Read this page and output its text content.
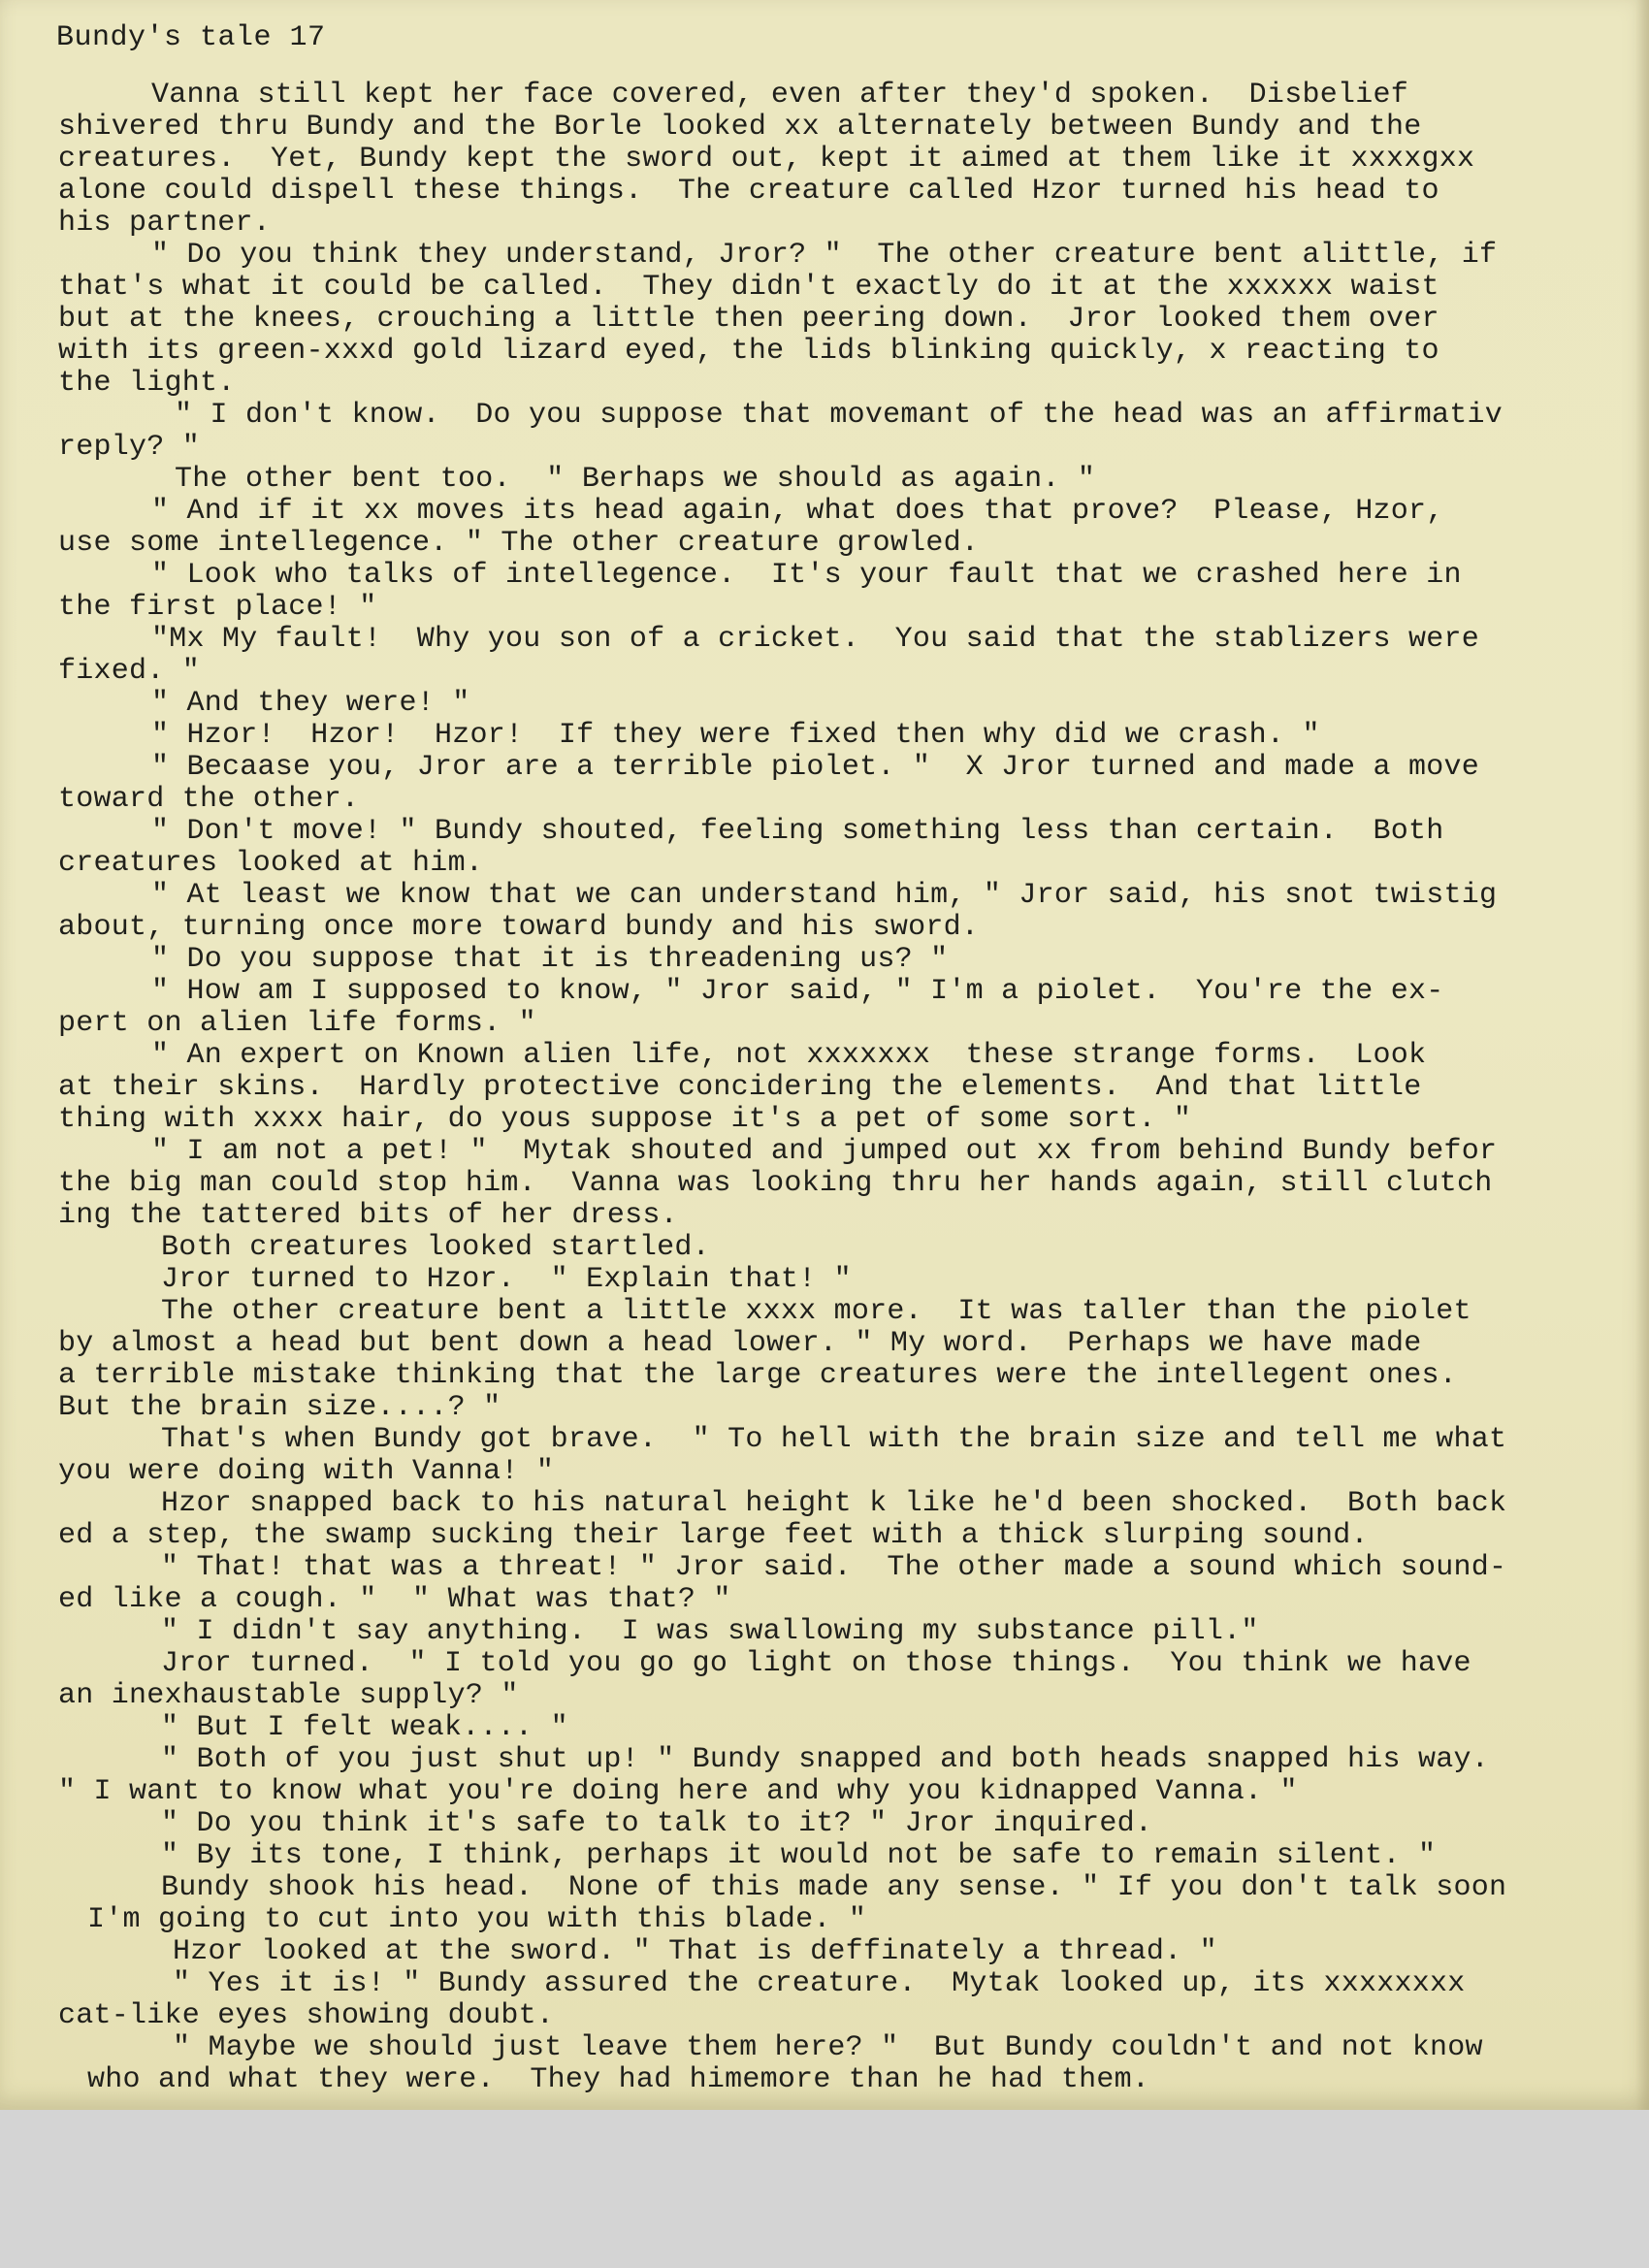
Bundy's tale 17
Vanna still kept her face covered, even after they'd spoken.  Disbelief
shivered thru Bundy and the Borle looked xx alternately between Bundy and the
creatures.  Yet, Bundy kept the sword out, kept it aimed at them like it xxxxgxx
alone could dispell these things.  The creature called Hzor turned his head to
his partner.
" Do you think they understand, Jror? "  The other creature bent alittle, if
that's what it could be called.  They didn't exactly do it at the xxxxxx waist
but at the knees, crouching a little then peering down.  Jror looked them over
with its green-xxxd gold lizard eyed, the lids blinking quickly, x reacting to
the light.
" I don't know.  Do you suppose that movemant of the head was an affirmativ
reply? "
The other bent too.  " Berhaps we should as again. "
" And if it xx moves its head again, what does that prove?  Please, Hzor,
use some intellegence. " The other creature growled.
" Look who talks of intellegence.  It's your fault that we crashed here in
the first place! "
"Mx My fault!  Why you son of a cricket.  You said that the stablizers were
fixed. "
" And they were! "
" Hzor!  Hzor!  Hzor!  If they were fixed then why did we crash. "
" Becaase you, Jror are a terrible piolet. "  X Jror turned and made a move
toward the other.
" Don't move! " Bundy shouted, feeling something less than certain.  Both
creatures looked at him.
" At least we know that we can understand him, " Jror said, his snot twistig
about, turning once more toward bundy and his sword.
" Do you suppose that it is threadening us? "
" How am I supposed to know, " Jror said, " I'm a piolet.  You're the ex-
pert on alien life forms. "
" An expert on Known alien life, not xxxxxxx  these strange forms.  Look
at their skins.  Hardly protective concidering the elements.  And that little
thing with xxxx hair, do yous suppose it's a pet of some sort. "
" I am not a pet! "  Mytak shouted and jumped out xx from behind Bundy befor
the big man could stop him.  Vanna was looking thru her hands again, still clutch
ing the tattered bits of her dress.
Both creatures looked startled.
Jror turned to Hzor.  " Explain that! "
The other creature bent a little xxxx more.  It was taller than the piolet
by almost a head but bent down a head lower. " My word.  Perhaps we have made
a terrible mistake thinking that the large creatures were the intellegent ones.
But the brain size....? "
That's when Bundy got brave.  " To hell with the brain size and tell me what
you were doing with Vanna! "
Hzor snapped back to his natural height k like he'd been shocked.  Both back
ed a step, the swamp sucking their large feet with a thick slurping sound.
" That! that was a threat! " Jror said.  The other made a sound which sound-
ed like a cough. "  " What was that? "
" I didn't say anything.  I was swallowing my substance pill."
Jror turned.  " I told you go go light on those things.  You think we have
an inexhaustable supply? "
" But I felt weak.... "
" Both of you just shut up! " Bundy snapped and both heads snapped his way.
" I want to know what you're doing here and why you kidnapped Vanna. "
" Do you think it's safe to talk to it? " Jror inquired.
" By its tone, I think, perhaps it would not be safe to remain silent. "
Bundy shook his head.  None of this made any sense. " If you don't talk soon
I'm going to cut into you with this blade. "
Hzor looked at the sword. " That is deffinately a thread. "
" Yes it is! " Bundy assured the creature.  Mytak looked up, its xxxxxxxx
cat-like eyes showing doubt.
" Maybe we should just leave them here? "  But Bundy couldn't and not know
who and what they were.  They had himemore than he had them.
